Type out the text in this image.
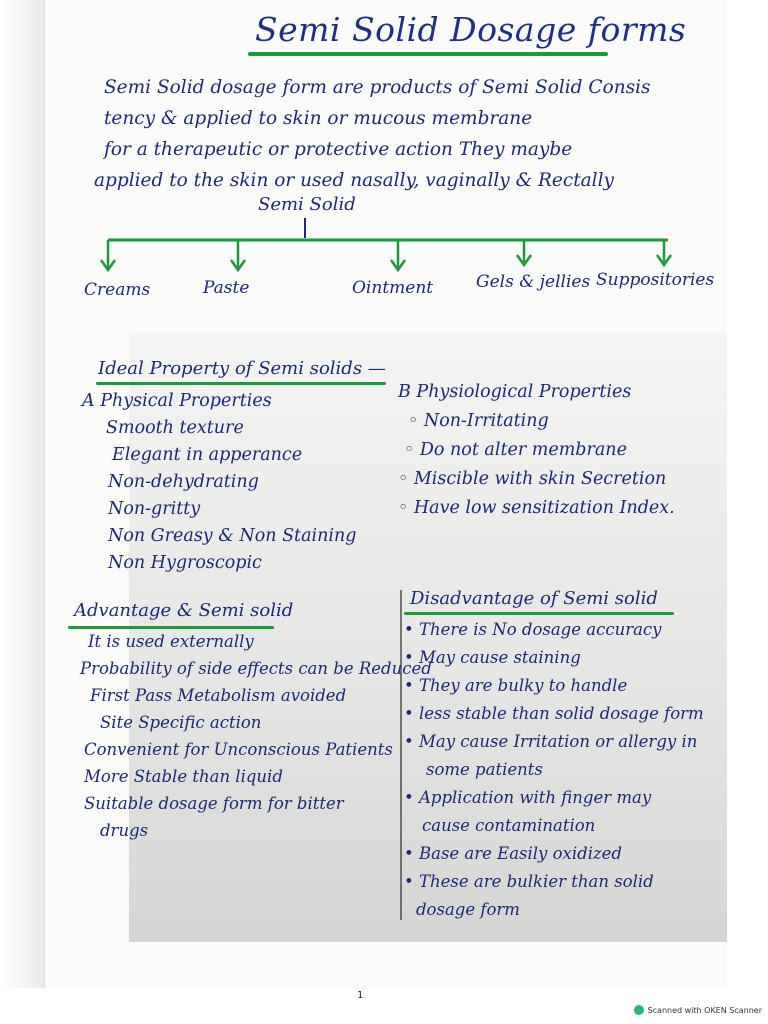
Semi Solid Dosage forms
Semi Solid dosage form are products of Semi Solid Consis
tency & applied to skin or mucous membrane
for a therapeutic or protective action They maybe
applied to the skin or used nasally, vaginally & Rectally
Semi Solid
Creams	Paste	Ointment	Gels & jellies Suppositories
Ideal Property of Semi solids —
A Physical Properties
Smooth texture
Elegant in apperance
Non-dehydrating
Non-gritty
Non Greasy & Non Staining
Non Hygroscopic
B Physiological Properties
◦ Non-Irritating
◦ Do not alter membrane
◦ Miscible with skin Secretion
◦ Have low sensitization Index.
Advantage & Semi solid
It is used externally
Probability of side effects can be Reduced
First Pass Metabolism avoided
Site Specific action
Convenient for Unconscious Patients
More Stable than liquid
Suitable dosage form for bitter
drugs
Disadvantage of Semi solid
• There is No dosage accuracy
• May cause staining
• They are bulky to handle
• less stable than solid dosage form
• May cause Irritation or allergy in
some patients
• Application with finger may
cause contamination
• Base are Easily oxidized
• These are bulkier than solid
dosage form
1
Scanned with OKEN Scanner
